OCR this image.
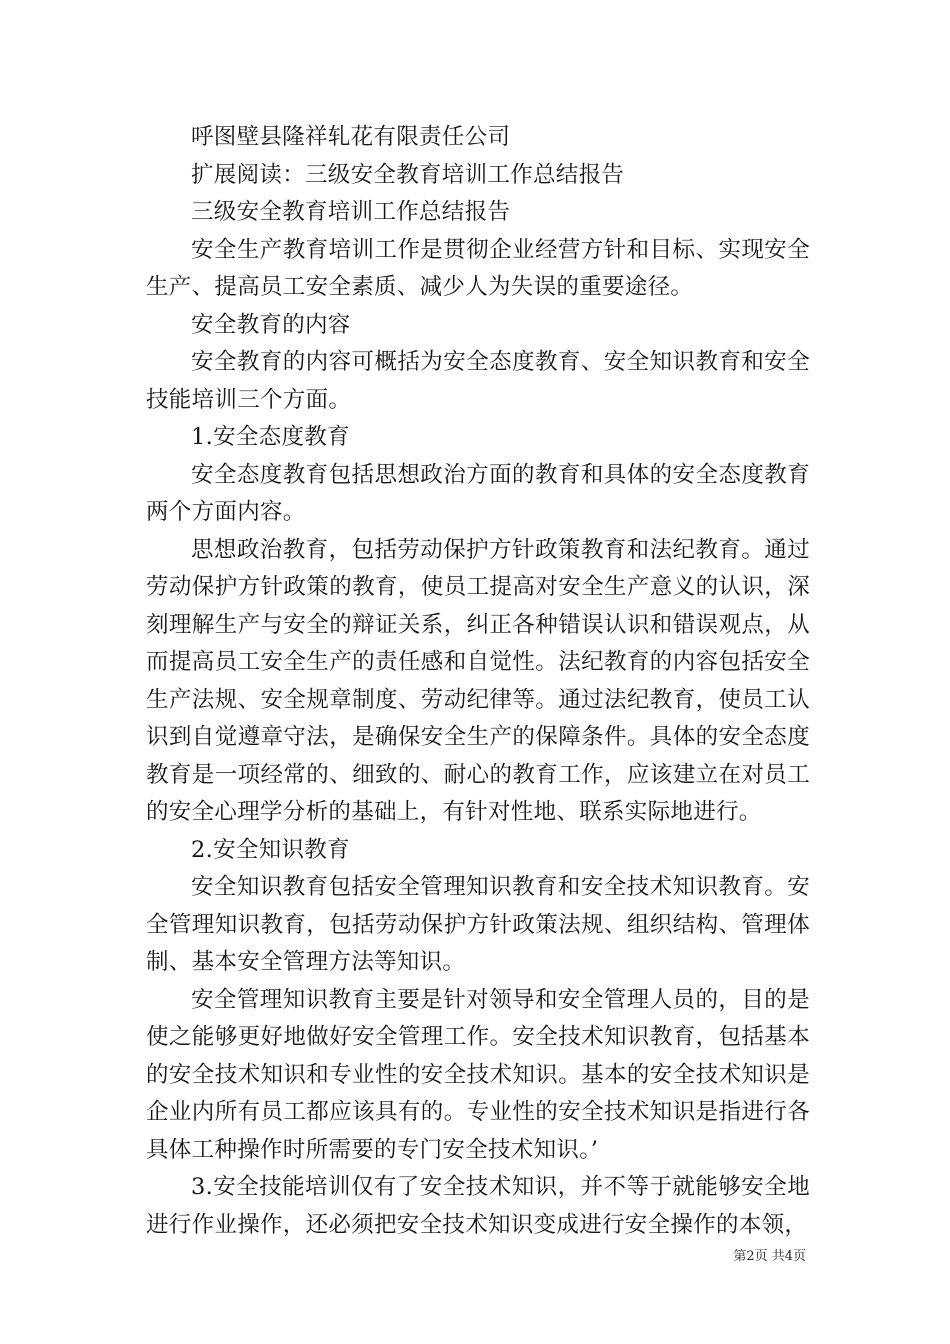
呼图壁县隆祥轧花有限责任公司

扩展阅读：三级安全教育培训工作总结报告

三级安全教育培训工作总结报告

安全生产教育培训工作是贯彻企业经营方针和目标、实现安全生产、提高员工安全素质、减少人为失误的重要途径。

安全教育的内容

安全教育的内容可概括为安全态度教育、安全知识教育和安全技能培训三个方面。

1.安全态度教育

安全态度教育包括思想政治方面的教育和具体的安全态度教育两个方面内容。

思想政治教育，包括劳动保护方针政策教育和法纪教育。通过劳动保护方针政策的教育，使员工提高对安全生产意义的认识，深刻理解生产与安全的辩证关系，纠正各种错误认识和错误观点，从而提高员工安全生产的责任感和自觉性。法纪教育的内容包括安全生产法规、安全规章制度、劳动纪律等。通过法纪教育，使员工认识到自觉遵章守法，是确保安全生产的保障条件。具体的安全态度教育是一项经常的、细致的、耐心的教育工作，应该建立在对员工的安全心理学分析的基础上，有针对性地、联系实际地进行。

2.安全知识教育

安全知识教育包括安全管理知识教育和安全技术知识教育。安全管理知识教育，包括劳动保护方针政策法规、组织结构、管理体制、基本安全管理方法等知识。

安全管理知识教育主要是针对领导和安全管理人员的，目的是使之能够更好地做好安全管理工作。安全技术知识教育，包括基本的安全技术知识和专业性的安全技术知识。基本的安全技术知识是企业内所有员工都应该具有的。专业性的安全技术知识是指进行各具体工种操作时所需要的专门安全技术知识。’

3.安全技能培训仅有了安全技术知识，并不等于就能够安全地进行作业操作，还必须把安全技术知识变成进行安全操作的本领，

第2页 共4页
